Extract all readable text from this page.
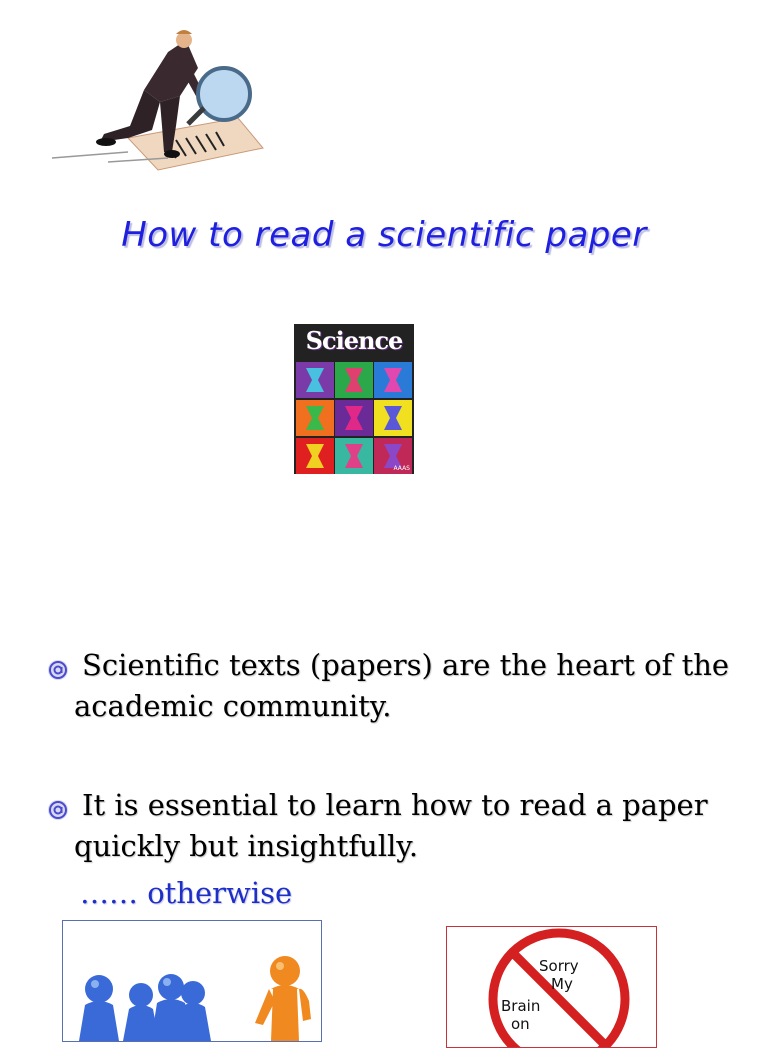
How to read a scientific paper
Science
AAAS
Scientific texts (papers) are the heart of the academic community.
It is essential to learn how to read a paper quickly but insightfully.
…… otherwise
Sorry
My
Brain
on
